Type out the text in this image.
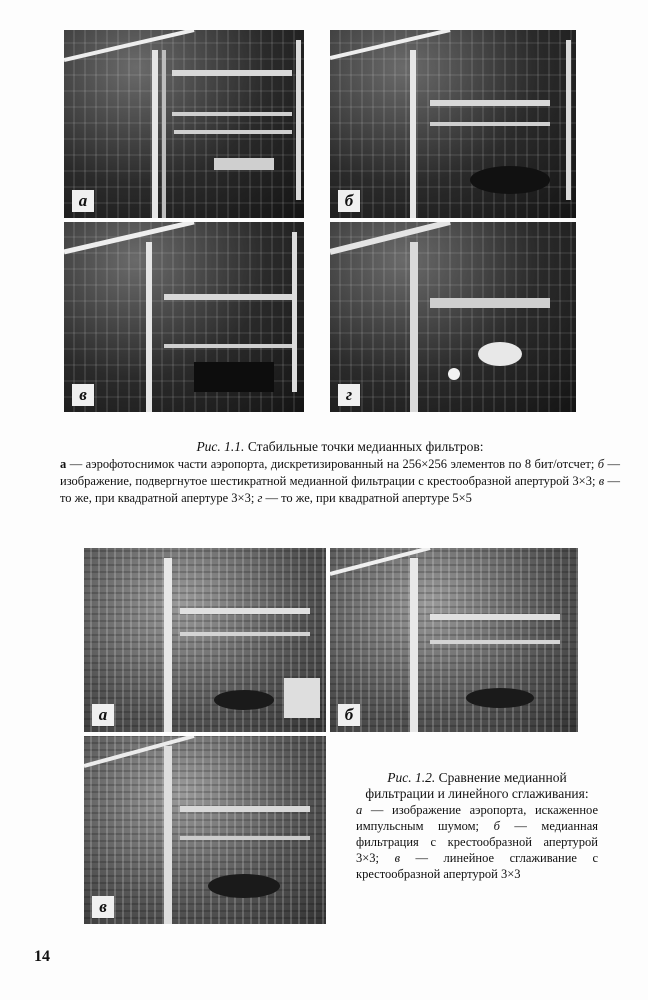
а	б
в	г
Рис. 1.1. Стабильные точки медианных фильтров:
а — аэрофотоснимок части аэропорта, дискретизированный на 256×256 элементов по 8 бит/отсчет; б — изображение, подвергнутое шестикратной медианной фильтрации с крестообразной апертурой 3×3; в — то же, при квадратной апертуре 3×3; г — то же, при квадратной апертуре 5×5
а	б
в
Рис. 1.2. Сравнение медианной фильтрации и линейного сглаживания:
а — изображение аэропорта, искаженное импульсным шумом; б — медианная фильтрация с крестообразной апертурой 3×3; в — линейное сглаживание с крестообразной апертурой 3×3
14
